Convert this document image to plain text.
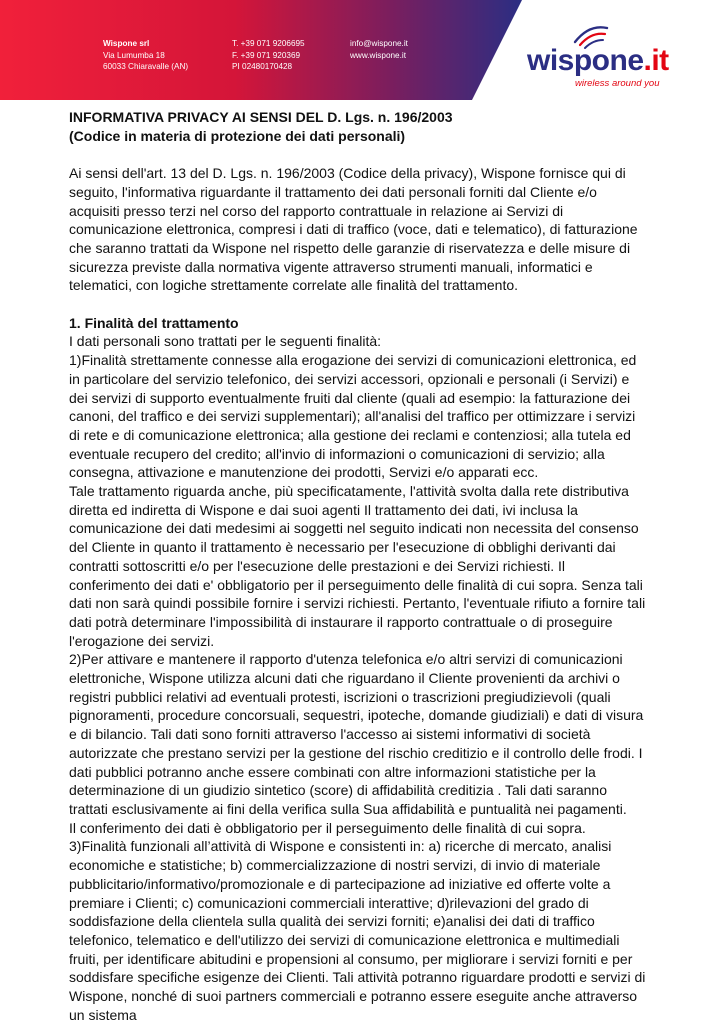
Wispone srl
Via Lumumba 18
60033 Chiaravalle (AN)
T. +39 071 9206695
F. +39 071 920369
PI 02480170428
info@wispone.it
www.wispone.it	wispone.it
wireless around you

INFORMATIVA PRIVACY AI SENSI DEL D. Lgs. n. 196/2003

(Codice in materia di protezione dei dati personali)

Ai sensi dell'art. 13 del D. Lgs. n. 196/2003 (Codice della privacy), Wispone fornisce qui di seguito, l'informativa riguardante il trattamento dei dati personali forniti dal Cliente e/o acquisiti presso terzi nel corso del rapporto contrattuale in relazione ai Servizi di comunicazione elettronica, compresi i dati di traffico (voce, dati e telematico), di fatturazione che saranno trattati da Wispone nel rispetto delle garanzie di riservatezza e delle misure di sicurezza previste dalla normativa vigente attraverso strumenti manuali, informatici e telematici, con logiche strettamente correlate alle finalità del trattamento.

1. Finalità del trattamento

I dati personali sono trattati per le seguenti finalità:

1)Finalità strettamente connesse alla erogazione dei servizi di comunicazioni elettronica, ed in particolare del servizio telefonico, dei servizi accessori, opzionali e personali (i Servizi) e dei servizi di supporto eventualmente fruiti dal cliente (quali ad esempio: la fatturazione dei canoni, del traffico e dei servizi supplementari); all'analisi del traffico per ottimizzare i servizi di rete e di comunicazione elettronica; alla gestione dei reclami e contenziosi; alla tutela ed eventuale recupero del credito; all'invio di informazioni o comunicazioni di servizio; alla consegna, attivazione e manutenzione dei prodotti, Servizi e/o apparati ecc.

Tale trattamento riguarda anche, più specificatamente, l'attività svolta dalla rete distributiva diretta ed indiretta di Wispone e dai suoi agenti Il trattamento dei dati, ivi inclusa la comunicazione dei dati medesimi ai soggetti nel seguito indicati non necessita del consenso del Cliente in quanto il trattamento è necessario per l'esecuzione di obblighi derivanti dai contratti sottoscritti e/o per l'esecuzione delle prestazioni e dei Servizi richiesti. Il conferimento dei dati e' obbligatorio per il perseguimento delle finalità di cui sopra. Senza tali dati non sarà quindi possibile fornire i servizi richiesti. Pertanto, l'eventuale rifiuto a fornire tali dati potrà determinare l'impossibilità di instaurare il rapporto contrattuale o di proseguire l'erogazione dei servizi.

2)Per attivare e mantenere il rapporto d'utenza telefonica e/o altri servizi di comunicazioni elettroniche, Wispone utilizza alcuni dati che riguardano il Cliente provenienti da archivi o registri pubblici relativi ad eventuali protesti, iscrizioni o trascrizioni pregiudizievoli (quali pignoramenti, procedure concorsuali, sequestri, ipoteche, domande giudiziali) e dati di visura e di bilancio. Tali dati sono forniti attraverso l'accesso ai sistemi informativi di società autorizzate che prestano servizi per la gestione del rischio creditizio e il controllo delle frodi. I dati pubblici potranno anche essere combinati con altre informazioni statistiche per la determinazione di un giudizio sintetico (score) di affidabilità creditizia . Tali dati saranno trattati esclusivamente ai fini della verifica sulla Sua affidabilità e puntualità nei pagamenti.

Il conferimento dei dati è obbligatorio per il perseguimento delle finalità di cui sopra.

3)Finalità funzionali all’attività di Wispone e consistenti in: a) ricerche di mercato, analisi economiche e statistiche; b) commercializzazione di nostri servizi, di invio di materiale pubblicitario/informativo/promozionale e di partecipazione ad iniziative ed offerte volte a premiare i Clienti; c) comunicazioni commerciali interattive; d)rilevazioni del grado di soddisfazione della clientela sulla qualità dei servizi forniti; e)analisi dei dati di traffico telefonico, telematico e dell'utilizzo dei servizi di comunicazione elettronica e multimediali fruiti, per identificare abitudini e propensioni al consumo, per migliorare i servizi forniti e per soddisfare specifiche esigenze dei Clienti. Tali attività potranno riguardare prodotti e servizi di Wispone, nonché di suoi partners commerciali e potranno essere eseguite anche attraverso un sistema
